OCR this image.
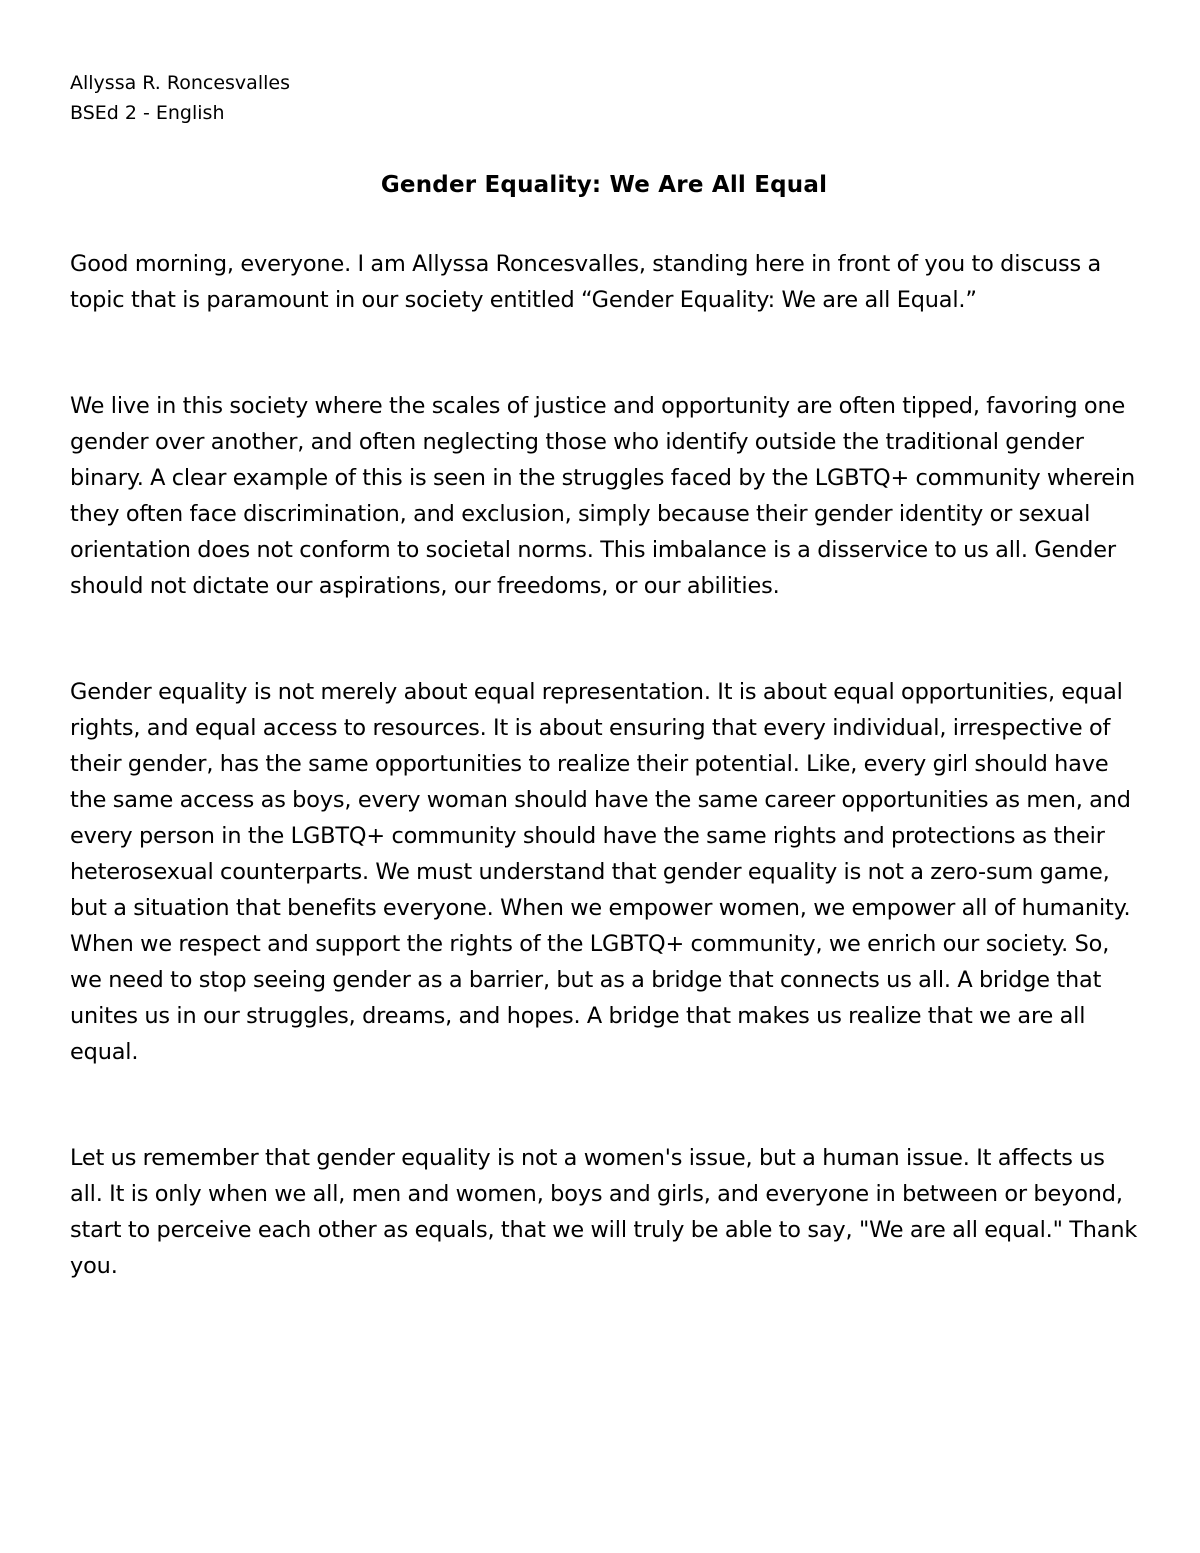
Allyssa R. Roncesvalles

BSEd 2 - English

Gender Equality: We Are All Equal

Good morning, everyone. I am Allyssa Roncesvalles, standing here in front of you to discuss a topic that is paramount in our society entitled “Gender Equality: We are all Equal.”

We live in this society where the scales of justice and opportunity are often tipped, favoring one gender over another, and often neglecting those who identify outside the traditional gender binary. A clear example of this is seen in the struggles faced by the LGBTQ+ community wherein they often face discrimination, and exclusion, simply because their gender identity or sexual orientation does not conform to societal norms. This imbalance is a disservice to us all. Gender should not dictate our aspirations, our freedoms, or our abilities.

Gender equality is not merely about equal representation. It is about equal opportunities, equal rights, and equal access to resources. It is about ensuring that every individual, irrespective of their gender, has the same opportunities to realize their potential. Like, every girl should have the same access as boys, every woman should have the same career opportunities as men, and every person in the LGBTQ+ community should have the same rights and protections as their heterosexual counterparts. We must understand that gender equality is not a zero-sum game, but a situation that benefits everyone. When we empower women, we empower all of humanity. When we respect and support the rights of the LGBTQ+ community, we enrich our society. So, we need to stop seeing gender as a barrier, but as a bridge that connects us all. A bridge that unites us in our struggles, dreams, and hopes. A bridge that makes us realize that we are all equal.

Let us remember that gender equality is not a women's issue, but a human issue. It affects us all. It is only when we all, men and women, boys and girls, and everyone in between or beyond, start to perceive each other as equals, that we will truly be able to say, "We are all equal." Thank you.
